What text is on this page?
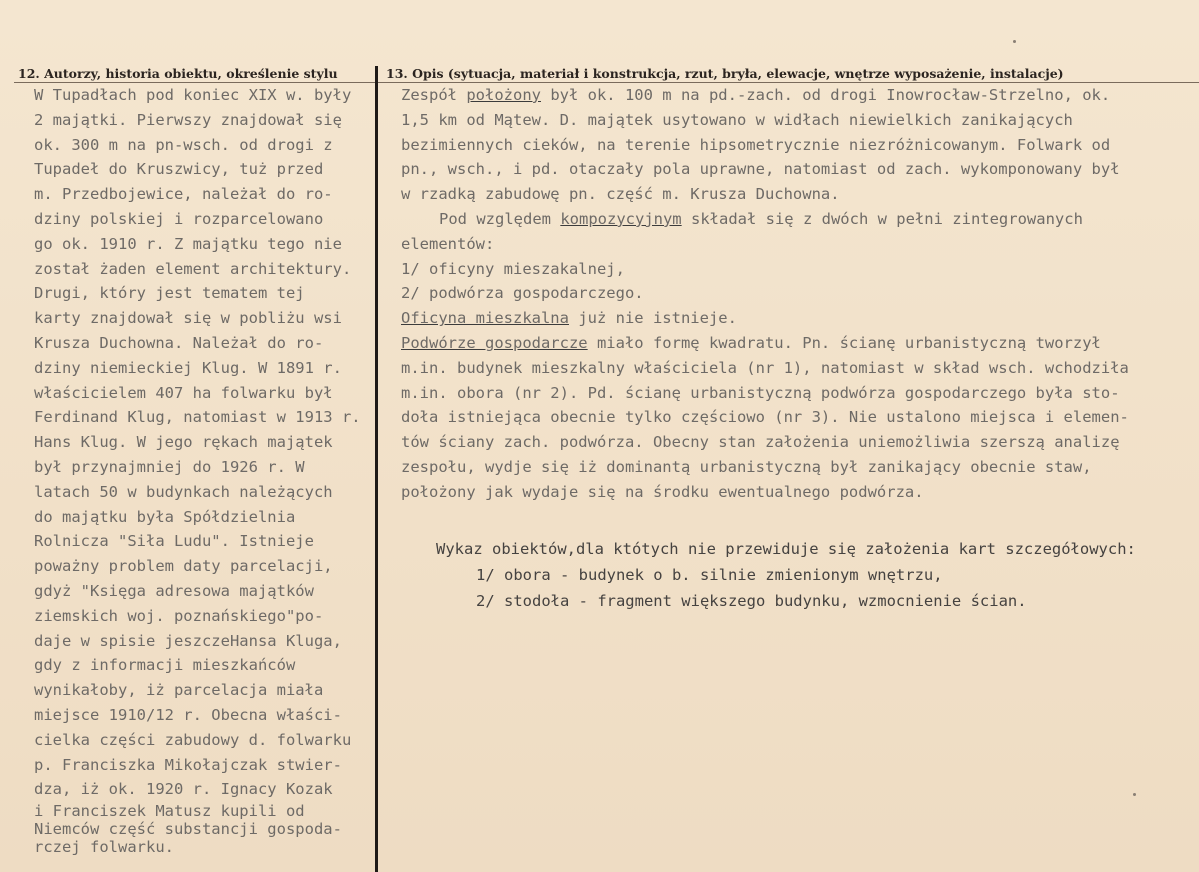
12. Autorzy, historia obiektu, określenie stylu	13. Opis (sytuacja, materiał i konstrukcja, rzut, bryła, elewacje, wnętrze wyposażenie, instalacje)
W Tupadłach pod koniec XIX w. były
2 majątki. Pierwszy znajdował się
ok. 300 m na pn-wsch. od drogi z
Tupadeł do Kruszwicy, tuż przed
m. Przedbojewice, należał do ro-
dziny polskiej i rozparcelowano
go ok. 1910 r. Z majątku tego nie
został żaden element architektury.
Drugi, który jest tematem tej
karty znajdował się w pobliżu wsi
Krusza Duchowna. Należał do ro-
dziny niemieckiej Klug. W 1891 r.
właścicielem 407 ha folwarku był
Ferdinand Klug, natomiast w 1913 r.
Hans Klug. W jego rękach majątek
był przynajmniej do 1926 r. W
latach 50 w budynkach należących
do majątku była Spółdzielnia
Rolnicza "Siła Ludu". Istnieje
poważny problem daty parcelacji,
gdyż "Księga adresowa majątków
ziemskich woj. poznańskiego"po-
daje w spisie jeszczeHansa Kluga,
gdy z informacji mieszkańców
wynikałoby, iż parcelacja miała
miejsce 1910/12 r. Obecna właści-
cielka części zabudowy d. folwarku
p. Franciszka Mikołajczak stwier-
dza, iż ok. 1920 r. Ignacy Kozak
i Franciszek Matusz kupili od
Niemców część substancji gospoda-
rczej folwarku.
Zespół położony był ok. 100 m na pd.-zach. od drogi Inowrocław-Strzelno, ok.
1,5 km od Mątew. D. majątek usytowano w widłach niewielkich zanikających
bezimiennych cieków, na terenie hipsometrycznie niezróżnicowanym. Folwark od
pn., wsch., i pd. otaczały pola uprawne, natomiast od zach. wykomponowany był
w rzadką zabudowę pn. część m. Krusza Duchowna.
Pod względem kompozycyjnym składał się z dwóch w pełni zintegrowanych
elementów:
1/ oficyny mieszakalnej,
2/ podwórza gospodarczego.
Oficyna mieszkalna już nie istnieje.
Podwórze gospodarcze miało formę kwadratu. Pn. ścianę urbanistyczną tworzył
m.in. budynek mieszkalny właściciela (nr 1), natomiast w skład wsch. wchodziła
m.in. obora (nr 2). Pd. ścianę urbanistyczną podwórza gospodarczego była sto-
doła istniejąca obecnie tylko częściowo (nr 3). Nie ustalono miejsca i elemen-
tów ściany zach. podwórza. Obecny stan założenia uniemożliwia szerszą analizę
zespołu, wydje się iż dominantą urbanistyczną był zanikający obecnie staw,
położony jak wydaje się na środku ewentualnego podwórza.
Wykaz obiektów,dla któtych nie przewiduje się założenia kart szczegółowych:
1/ obora - budynek o b. silnie zmienionym wnętrzu,
2/ stodoła - fragment większego budynku, wzmocnienie ścian.
